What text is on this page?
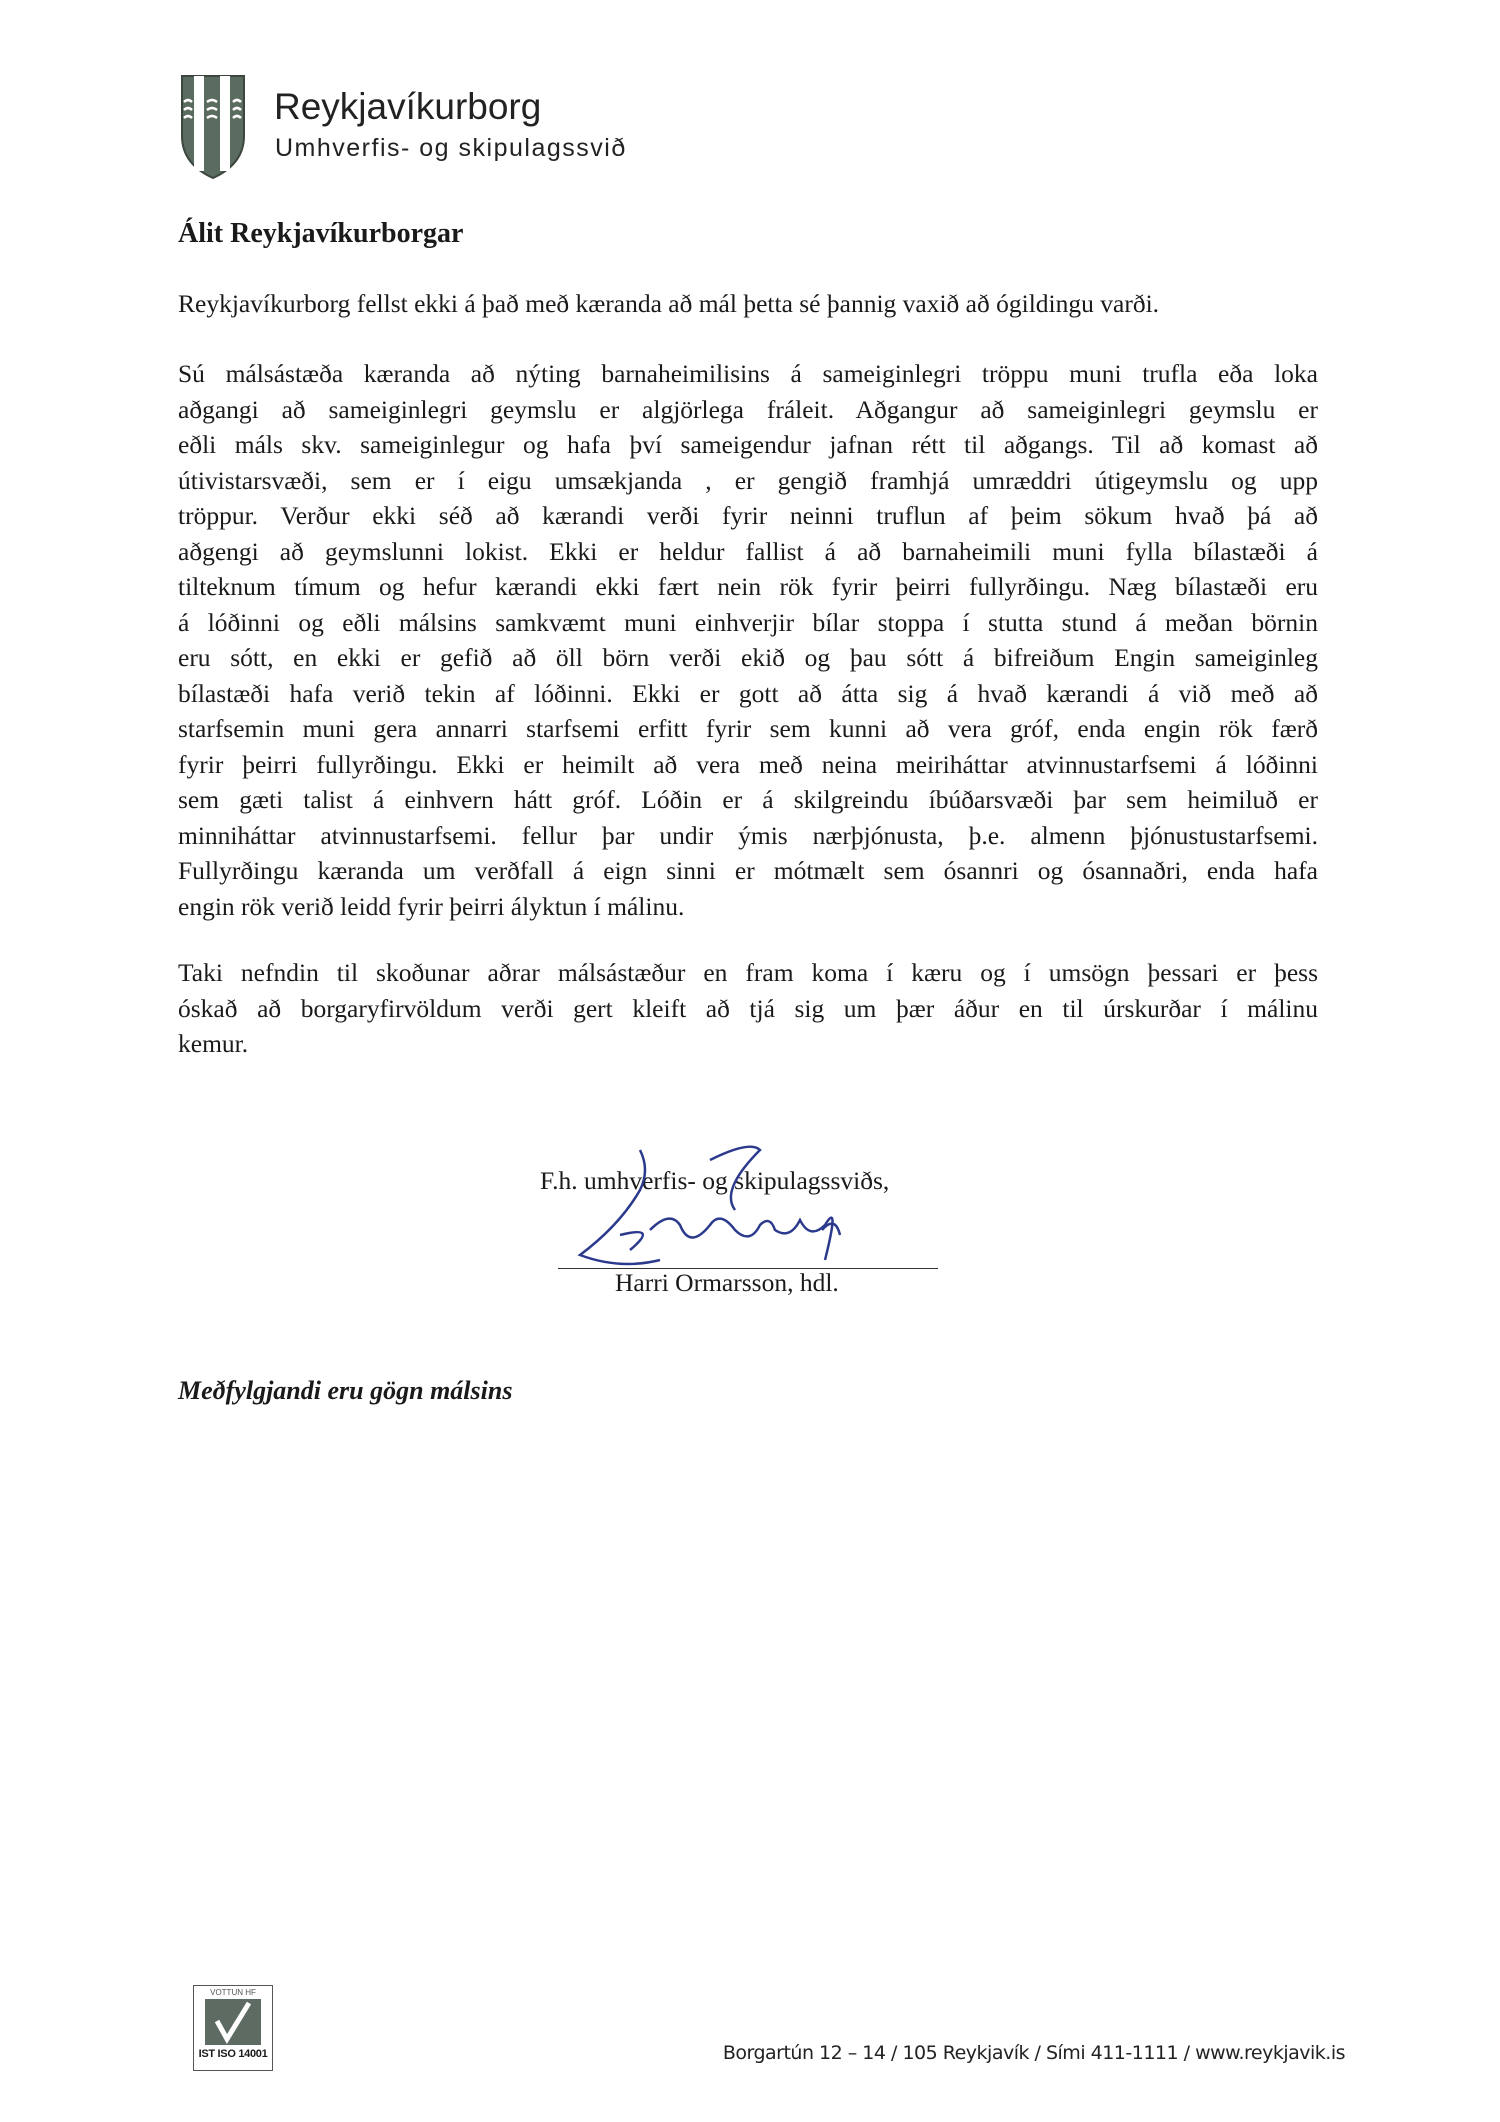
Reykjavíkurborg
Umhverfis- og skipulagssvið
Álit Reykjavíkurborgar
Reykjavíkurborg fellst ekki á það með kæranda að mál þetta sé þannig vaxið að ógildingu varði.
Sú málsástæða kæranda að nýting barnaheimilisins á sameiginlegri tröppu muni trufla eða loka
aðgangi að sameiginlegri geymslu er algjörlega fráleit. Aðgangur að sameiginlegri geymslu er
eðli máls skv. sameiginlegur og hafa því sameigendur jafnan rétt til aðgangs. Til að komast að
útivistarsvæði, sem er í eigu umsækjanda , er gengið framhjá umræddri útigeymslu og upp
tröppur. Verður ekki séð að kærandi verði fyrir neinni truflun af þeim sökum hvað þá að
aðgengi að geymslunni lokist. Ekki er heldur fallist á að barnaheimili muni fylla bílastæði á
tilteknum tímum og hefur kærandi ekki fært nein rök fyrir þeirri fullyrðingu. Næg bílastæði eru
á lóðinni og eðli málsins samkvæmt muni einhverjir bílar stoppa í stutta stund á meðan börnin
eru sótt, en ekki er gefið að öll börn verði ekið og þau sótt á bifreiðum Engin sameiginleg
bílastæði hafa verið tekin af lóðinni. Ekki er gott að átta sig á hvað kærandi á við með að
starfsemin muni gera annarri starfsemi erfitt fyrir sem kunni að vera gróf, enda engin rök færð
fyrir þeirri fullyrðingu. Ekki er heimilt að vera með neina meiriháttar atvinnustarfsemi á lóðinni
sem gæti talist á einhvern hátt gróf. Lóðin er á skilgreindu íbúðarsvæði þar sem heimiluð er
minniháttar atvinnustarfsemi. fellur þar undir ýmis nærþjónusta, þ.e. almenn þjónustustarfsemi.
Fullyrðingu kæranda um verðfall á eign sinni er mótmælt sem ósannri og ósannaðri, enda hafa
engin rök verið leidd fyrir þeirri ályktun í málinu.
Taki nefndin til skoðunar aðrar málsástæður en fram koma í kæru og í umsögn þessari er þess
óskað að borgaryfirvöldum verði gert kleift að tjá sig um þær áður en til úrskurðar í málinu
kemur.
F.h. umhverfis- og skipulagssviðs,
Harri Ormarsson, hdl.
Meðfylgjandi eru gögn málsins
VOTTUN HF
IST ISO 14001	Borgartún 12 – 14 / 105 Reykjavík / Sími 411-1111 / www.reykjavik.is
